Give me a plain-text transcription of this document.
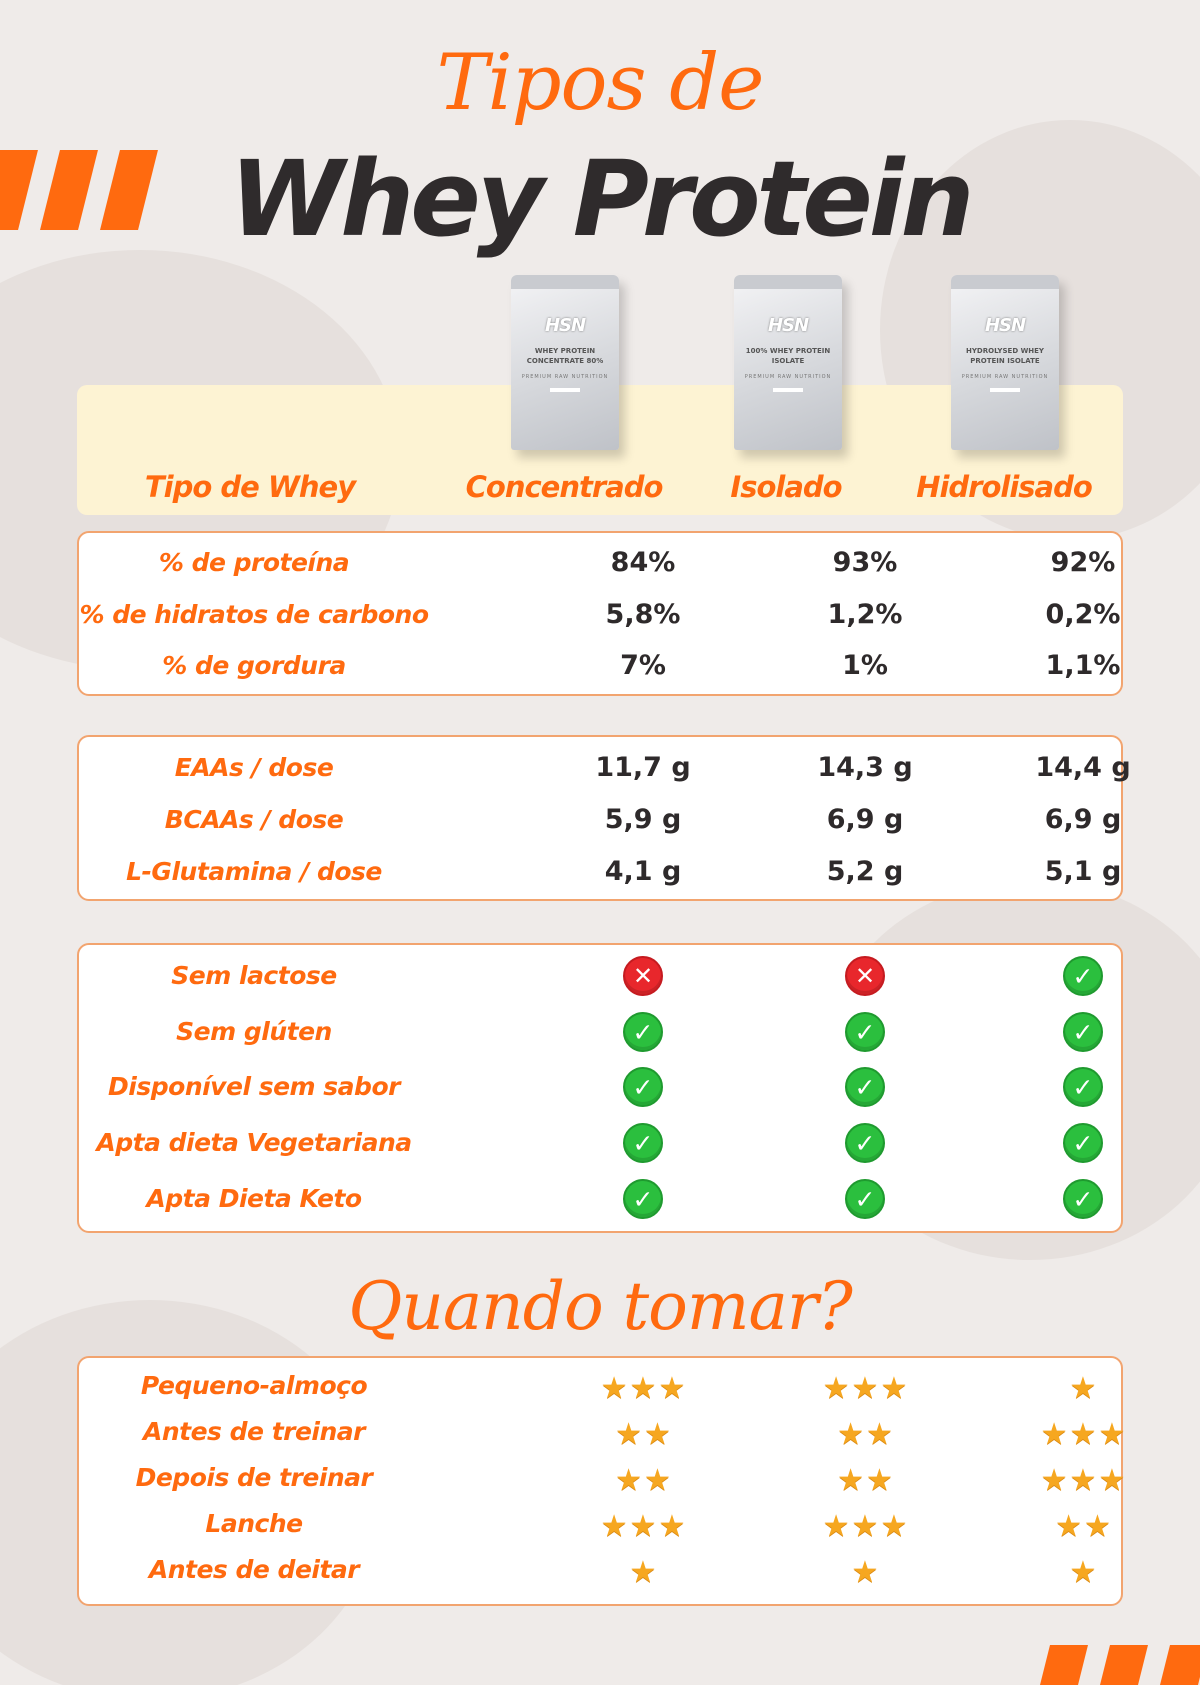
Tipos de
Whey Protein
HSN
WHEY PROTEIN CONCENTRATE 80%
PREMIUM RAW NUTRITION
HSN
100% WHEY PROTEIN ISOLATE
PREMIUM RAW NUTRITION
HSN
HYDROLYSED WHEY PROTEIN ISOLATE
PREMIUM RAW NUTRITION
Tipo de Whey	Concentrado	Isolado	Hidrolisado
% de proteína	84%	93%	92%
% de hidratos de carbono	5,8%	1,2%	0,2%
% de gordura	7%	1%	1,1%
EAAs / dose	11,7 g	14,3 g	14,4 g
BCAAs / dose	5,9 g	6,9 g	6,9 g
L-Glutamina / dose	4,1 g	5,2 g	5,1 g
Sem lactose	✕	✕	✓
Sem glúten	✓	✓	✓
Disponível sem sabor	✓	✓	✓
Apta dieta Vegetariana	✓	✓	✓
Apta Dieta Keto	✓	✓	✓
Quando tomar?
Pequeno-almoço	★ ★ ★	★ ★ ★	★
Antes de treinar	★ ★	★ ★	★ ★ ★
Depois de treinar	★ ★	★ ★	★ ★ ★
Lanche	★ ★ ★	★ ★ ★	★ ★
Antes de deitar	★	★	★
